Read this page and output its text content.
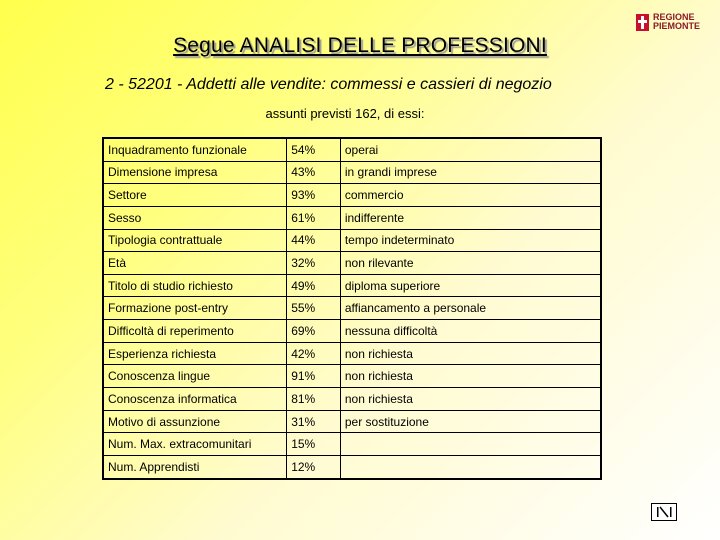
Segue ANALISI DELLE PROFESSIONI
REGIONE
PIEMONTE
2 - 52201 - Addetti alle vendite: commessi e cassieri di negozio
assunti previsti 162, di essi:
Inquadramento funzionale	54%	operai
Dimensione impresa	43%	in grandi imprese
Settore	93%	commercio
Sesso	61%	indifferente
Tipologia contrattuale	44%	tempo indeterminato
Età	32%	non rilevante
Titolo di studio richiesto	49%	diploma superiore
Formazione post-entry	55%	affiancamento a personale
Difficoltà di reperimento	69%	nessuna difficoltà
Esperienza richiesta	42%	non richiesta
Conoscenza lingue	91%	non richiesta
Conoscenza informatica	81%	non richiesta
Motivo di assunzione	31%	per sostituzione
Num. Max. extracomunitari	15%	
Num. Apprendisti	12%	
